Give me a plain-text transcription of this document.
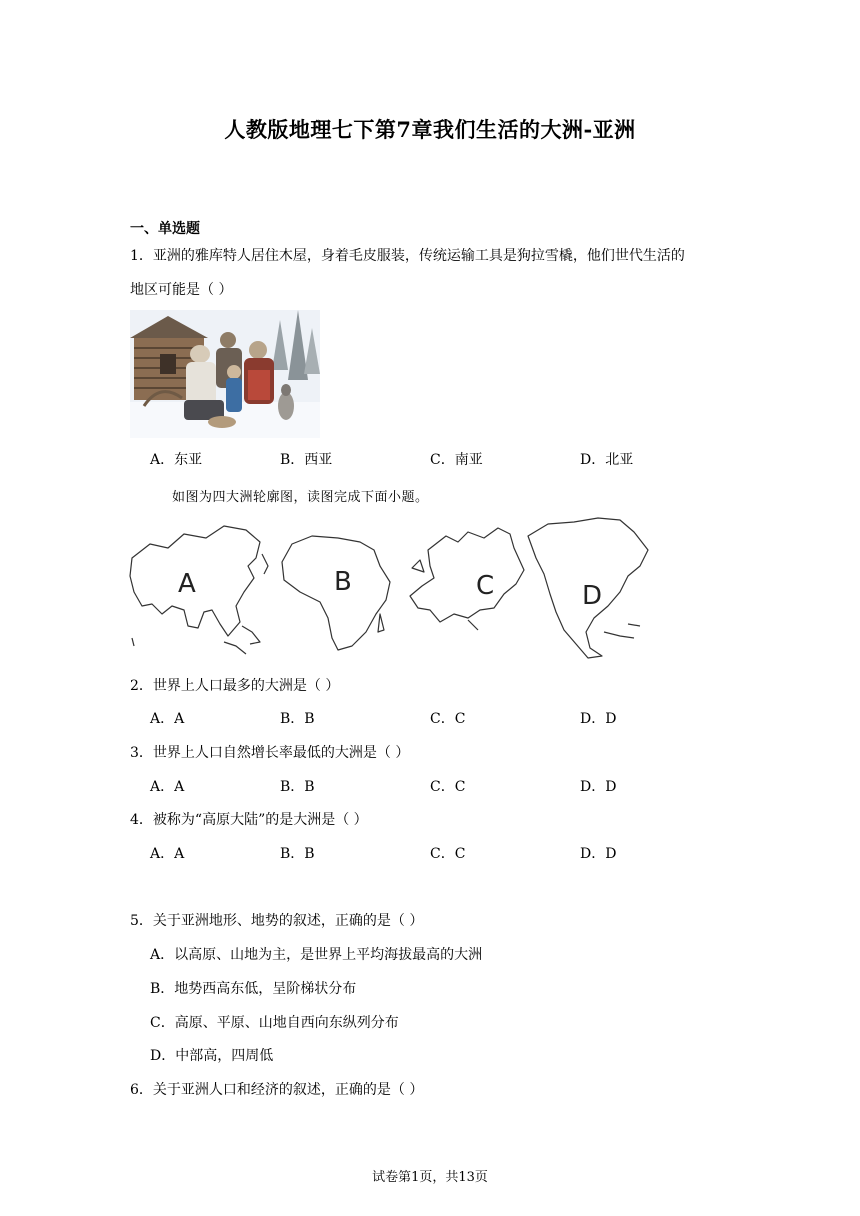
人教版地理七下第7章我们生活的大洲-亚洲
一、单选题
1．亚洲的雅库特人居住木屋，身着毛皮服装，传统运输工具是狗拉雪橇，他们世代生活的
地区可能是（ ）
A．东亚	B．西亚	C．南亚	D．北亚
如图为四大洲轮廓图，读图完成下面小题。
A	B	C	D
2．世界上人口最多的大洲是（ ）
A．A	B．B	C．C	D．D
3．世界上人口自然增长率最低的大洲是（ ）
A．A	B．B	C．C	D．D
4．被称为“高原大陆”的是大洲是（ ）
A．A	B．B	C．C	D．D
5．关于亚洲地形、地势的叙述，正确的是（ ）
A．以高原、山地为主，是世界上平均海拔最高的大洲
B．地势西高东低，呈阶梯状分布
C．高原、平原、山地自西向东纵列分布
D．中部高，四周低
6．关于亚洲人口和经济的叙述，正确的是（ ）
试卷第1页，共13页
